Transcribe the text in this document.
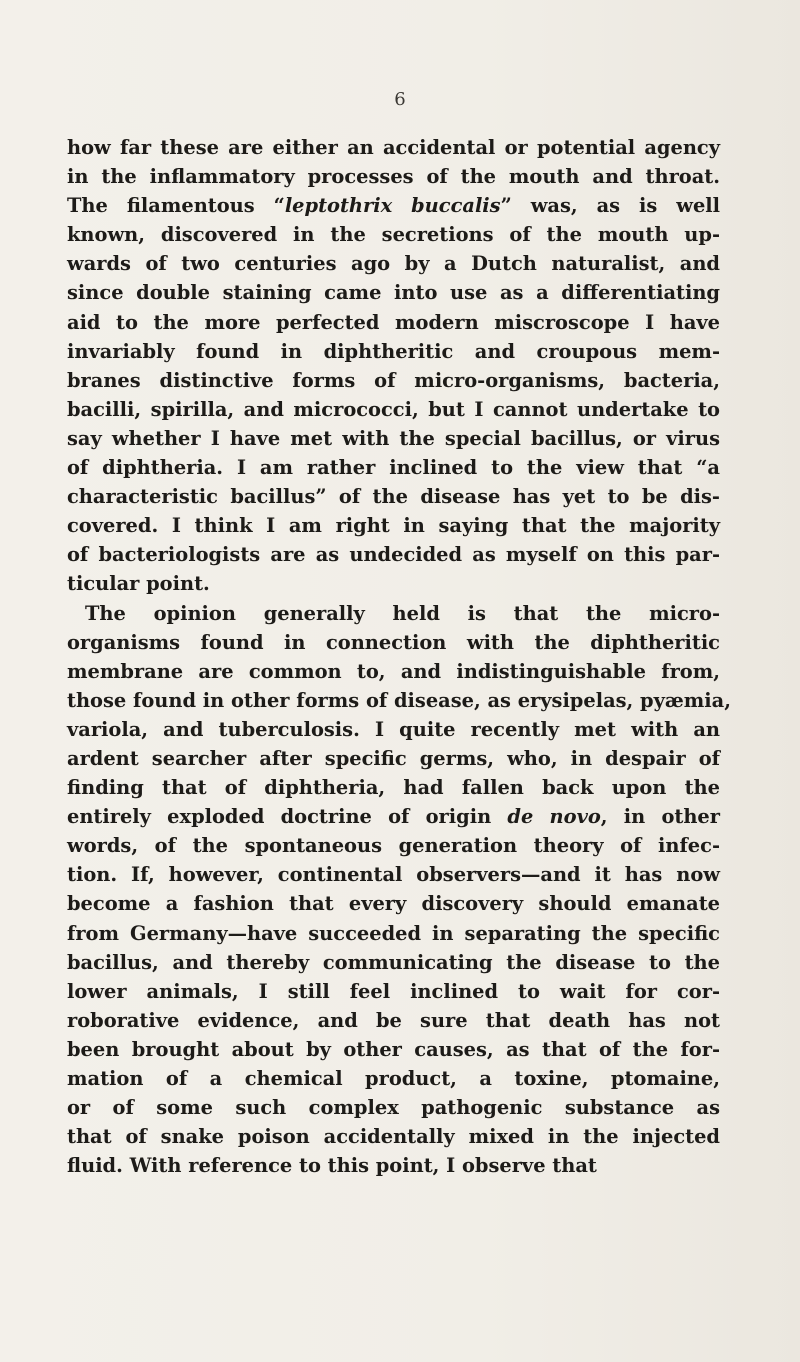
6
how far these are either an accidental or potential agency
in the inflammatory processes of the mouth and throat.
The filamentous “leptothrix buccalis” was, as is well
known, discovered in the secretions of the mouth up-
wards of two centuries ago by a Dutch naturalist, and
since double staining came into use as a differentiating
aid to the more perfected modern miscroscope I have
invariably found in diphtheritic and croupous mem-
branes distinctive forms of micro-organisms, bacteria,
bacilli, spirilla, and micrococci, but I cannot undertake to
say whether I have met with the special bacillus, or virus
of diphtheria. I am rather inclined to the view that “a
characteristic bacillus” of the disease has yet to be dis-
covered. I think I am right in saying that the majority
of bacteriologists are as undecided as myself on this par-
ticular point.
The opinion generally held is that the micro-
organisms found in connection with the diphtheritic
membrane are common to, and indistinguishable from,
those found in other forms of disease, as erysipelas, pyæmia,
variola, and tuberculosis. I quite recently met with an
ardent searcher after specific germs, who, in despair of
finding that of diphtheria, had fallen back upon the
entirely exploded doctrine of origin de novo, in other
words, of the spontaneous generation theory of infec-
tion. If, however, continental observers—and it has now
become a fashion that every discovery should emanate
from Germany—have succeeded in separating the specific
bacillus, and thereby communicating the disease to the
lower animals, I still feel inclined to wait for cor-
roborative evidence, and be sure that death has not
been brought about by other causes, as that of the for-
mation of a chemical product, a toxine, ptomaine,
or of some such complex pathogenic substance as
that of snake poison accidentally mixed in the injected
fluid. With reference to this point, I observe that
